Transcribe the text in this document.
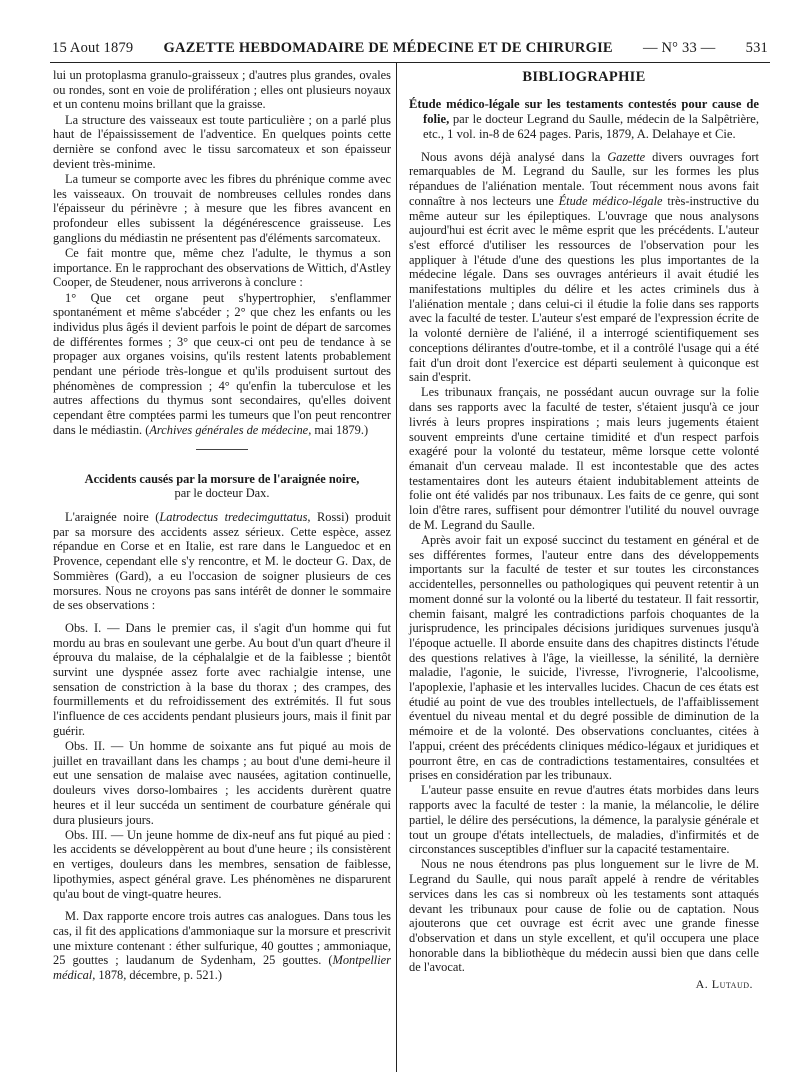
15 Aout 1879 GAZETTE HEBDOMADAIRE DE MÉDECINE ET DE CHIRURGIE — N° 33 — 531

lui un protoplasma granulo-graisseux ; d'autres plus grandes, ovales ou rondes, sont en voie de prolifération ; elles ont plusieurs noyaux et un contenu moins brillant que la graisse.

La structure des vaisseaux est toute particulière ; on a parlé plus haut de l'épaississement de l'adventice. En quelques points cette dernière se confond avec le tissu sarcomateux et son épaisseur devient très-minime.

La tumeur se comporte avec les fibres du phrénique comme avec les vaisseaux. On trouvait de nombreuses cellules rondes dans l'épaisseur du périnèvre ; à mesure que les fibres avancent en profondeur elles subissent la dégénérescence graisseuse. Les ganglions du médiastin ne présentent pas d'éléments sarcomateux.

Ce fait montre que, même chez l'adulte, le thymus a son importance. En le rapprochant des observations de Wittich, d'Astley Cooper, de Steudener, nous arriverons à conclure :

1° Que cet organe peut s'hypertrophier, s'enflammer spontanément et même s'abcéder ; 2° que chez les enfants ou les individus plus âgés il devient parfois le point de départ de sarcomes de différentes formes ; 3° que ceux-ci ont peu de tendance à se propager aux organes voisins, qu'ils restent latents probablement pendant une période très-longue et qu'ils produisent surtout des phénomènes de compression ; 4° qu'enfin la tuberculose et les autres affections du thymus sont secondaires, qu'elles doivent cependant être comptées parmi les tumeurs que l'on peut rencontrer dans le médiastin. (Archives générales de médecine, mai 1879.)

Accidents causés par la morsure de l'araignée noire,
par le docteur Dax.

L'araignée noire (Latrodectus tredecimguttatus, Rossi) produit par sa morsure des accidents assez sérieux. Cette espèce, assez répandue en Corse et en Italie, est rare dans le Languedoc et en Provence, cependant elle s'y rencontre, et M. le docteur G. Dax, de Sommières (Gard), a eu l'occasion de soigner plusieurs de ces morsures. Nous ne croyons pas sans intérêt de donner le sommaire de ses observations :

Obs. I. — Dans le premier cas, il s'agit d'un homme qui fut mordu au bras en soulevant une gerbe. Au bout d'un quart d'heure il éprouva du malaise, de la céphalalgie et de la faiblesse ; bientôt survint une dyspnée assez forte avec rachialgie intense, une sensation de constriction à la base du thorax ; des crampes, des fourmillements et du refroidissement des extrémités. Il fut sous l'influence de ces accidents pendant plusieurs jours, mais il finit par guérir.

Obs. II. — Un homme de soixante ans fut piqué au mois de juillet en travaillant dans les champs ; au bout d'une demi-heure il eut une sensation de malaise avec nausées, agitation continuelle, douleurs vives dorso-lombaires ; les accidents durèrent quatre heures et il leur succéda un sentiment de courbature générale qui dura plusieurs jours.

Obs. III. — Un jeune homme de dix-neuf ans fut piqué au pied : les accidents se développèrent au bout d'une heure ; ils consistèrent en vertiges, douleurs dans les membres, sensation de faiblesse, lipothymies, aspect général grave. Les phénomènes ne disparurent qu'au bout de vingt-quatre heures.

M. Dax rapporte encore trois autres cas analogues. Dans tous les cas, il fit des applications d'ammoniaque sur la morsure et prescrivit une mixture contenant : éther sulfurique, 40 gouttes ; ammoniaque, 25 gouttes ; laudanum de Sydenham, 25 gouttes. (Montpellier médical, 1878, décembre, p. 521.)

BIBLIOGRAPHIE
Étude médico-légale sur les testaments contestés pour cause de folie, par le docteur Legrand du Saulle, médecin de la Salpêtrière, etc., 1 vol. in-8 de 624 pages. Paris, 1879, A. Delahaye et Cie.

Nous avons déjà analysé dans la Gazette divers ouvrages fort remarquables de M. Legrand du Saulle, sur les formes les plus répandues de l'aliénation mentale. Tout récemment nous avons fait connaître à nos lecteurs une Étude médico-légale très-instructive du même auteur sur les épileptiques. L'ouvrage que nous analysons aujourd'hui est écrit avec le même esprit que les précédents. L'auteur s'est efforcé d'utiliser les ressources de l'observation pour les appliquer à l'étude d'une des questions les plus importantes de la médecine légale. Dans ses ouvrages antérieurs il avait étudié les manifestations multiples du délire et les actes criminels dus à l'aliénation mentale ; dans celui-ci il étudie la folie dans ses rapports avec la faculté de tester. L'auteur s'est emparé de l'expression écrite de la volonté dernière de l'aliéné, il a interrogé scientifiquement ses conceptions délirantes d'outre-tombe, et il a contrôlé l'usage qui a été fait d'un droit dont l'exercice est départi seulement à quiconque est sain d'esprit.

Les tribunaux français, ne possédant aucun ouvrage sur la folie dans ses rapports avec la faculté de tester, s'étaient jusqu'à ce jour livrés à leurs propres inspirations ; mais leurs jugements étaient souvent empreints d'une certaine timidité et d'un respect parfois exagéré pour la volonté du testateur, même lorsque cette volonté émanait d'un cerveau malade. Il est incontestable que des actes testamentaires dont les auteurs étaient indubitablement atteints de folie ont été validés par nos tribunaux. Les faits de ce genre, qui sont loin d'être rares, suffisent pour démontrer l'utilité du nouvel ouvrage de M. Legrand du Saulle.

Après avoir fait un exposé succinct du testament en général et de ses différentes formes, l'auteur entre dans des développements importants sur la faculté de tester et sur toutes les circonstances accidentelles, personnelles ou pathologiques qui peuvent retentir à un moment donné sur la volonté ou la liberté du testateur. Il fait ressortir, chemin faisant, malgré les contradictions parfois choquantes de la jurisprudence, les principales décisions juridiques survenues jusqu'à l'époque actuelle. Il aborde ensuite dans des chapitres distincts l'étude des questions relatives à l'âge, la vieillesse, la sénilité, la dernière maladie, l'agonie, le suicide, l'ivresse, l'ivrognerie, l'alcoolisme, l'apoplexie, l'aphasie et les intervalles lucides. Chacun de ces états est étudié au point de vue des troubles intellectuels, de l'affaiblissement éventuel du niveau mental et du degré possible de diminution de la mémoire et de la volonté. Des observations concluantes, citées à l'appui, créent des précédents cliniques médico-légaux et juridiques et pourront être, en cas de contradictions testamentaires, consultées et prises en considération par les tribunaux.

L'auteur passe ensuite en revue d'autres états morbides dans leurs rapports avec la faculté de tester : la manie, la mélancolie, le délire partiel, le délire des persécutions, la démence, la paralysie générale et tout un groupe d'états intellectuels, de maladies, d'infirmités et de circonstances susceptibles d'influer sur la capacité testamentaire.

Nous ne nous étendrons pas plus longuement sur le livre de M. Legrand du Saulle, qui nous paraît appelé à rendre de véritables services dans les cas si nombreux où les testaments sont attaqués devant les tribunaux pour cause de folie ou de captation. Nous ajouterons que cet ouvrage est écrit avec une grande finesse d'observation et dans un style excellent, et qu'il occupera une place honorable dans la bibliothèque du médecin aussi bien que dans celle de l'avocat.

A. Lutaud.
